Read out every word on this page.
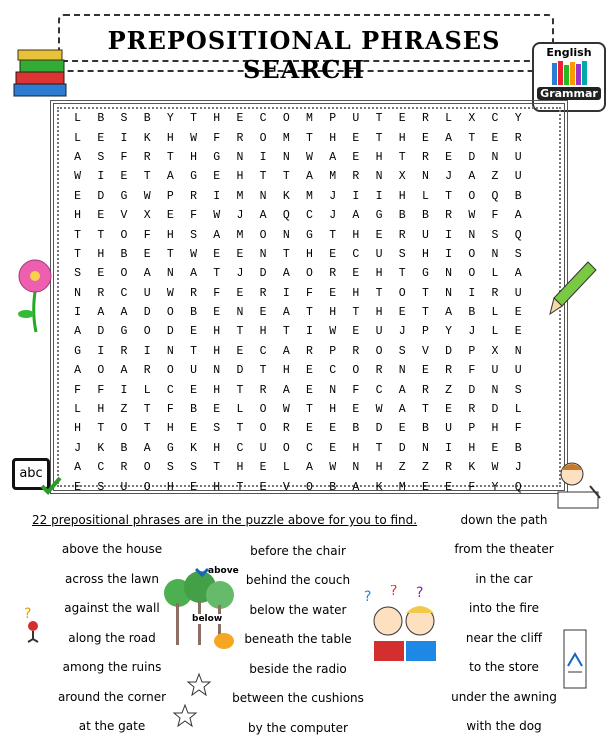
PREPOSITIONAL PHRASES SEARCH
English
Grammar
L	B	S	B	Y	T	H	E	C	O	M	P	U	T	E	R	L	X	C	Y
L	E	I	K	H	W	F	R	O	M	T	H	E	T	H	E	A	T	E	R
A	S	F	R	T	H	G	N	I	N	W	A	E	H	T	R	E	D	N	U
W	I	E	T	A	G	E	H	T	T	A	M	R	N	X	N	J	A	Z	U
E	D	G	W	P	R	I	M	N	K	M	J	I	I	H	L	T	O	Q	B
H	E	V	X	E	F	W	J	A	Q	C	J	A	G	B	B	R	W	F	A
T	T	O	F	H	S	A	M	O	N	G	T	H	E	R	U	I	N	S	Q
T	H	B	E	T	W	E	E	N	T	H	E	C	U	S	H	I	O	N	S
S	E	O	A	N	A	T	J	D	A	O	R	E	H	T	G	N	O	L	A
N	R	C	U	W	R	F	E	R	I	F	E	H	T	O	T	N	I	R	U
I	A	A	D	O	B	E	N	E	A	T	H	T	H	E	T	A	B	L	E
A	D	G	O	D	E	H	T	H	T	I	W	E	U	J	P	Y	J	L	E
G	I	R	I	N	T	H	E	C	A	R	P	R	O	S	V	D	P	X	N
A	O	A	R	O	U	N	D	T	H	E	C	O	R	N	E	R	F	U	U
F	F	I	L	C	E	H	T	R	A	E	N	F	C	A	R	Z	D	N	S
L	H	Z	T	F	B	E	L	O	W	T	H	E	W	A	T	E	R	D	L
H	T	O	T	H	E	S	T	O	R	E	E	B	D	E	B	U	P	H	F
J	K	B	A	G	K	H	C	U	O	C	E	H	T	D	N	I	H	E	B
A	C	R	O	S	S	T	H	E	L	A	W	N	H	Z	Z	R	K	W	J
E	S	U	O	H	E	H	T	E	V	O	B	A	K	M	E	E	F	Y	Q
abc
22 prepositional phrases are in the puzzle above for you to find.
above the house
across the lawn
against the wall
along the road
among the ruins
around the corner
at the gate
before the chair
behind the couch
below the water
beneath the table
beside the radio
between the cushions
by the computer
down the path
from the theater
in the car
into the fire
near the cliff
to the store
under the awning
with the dog
above
below
? ? ?
?
